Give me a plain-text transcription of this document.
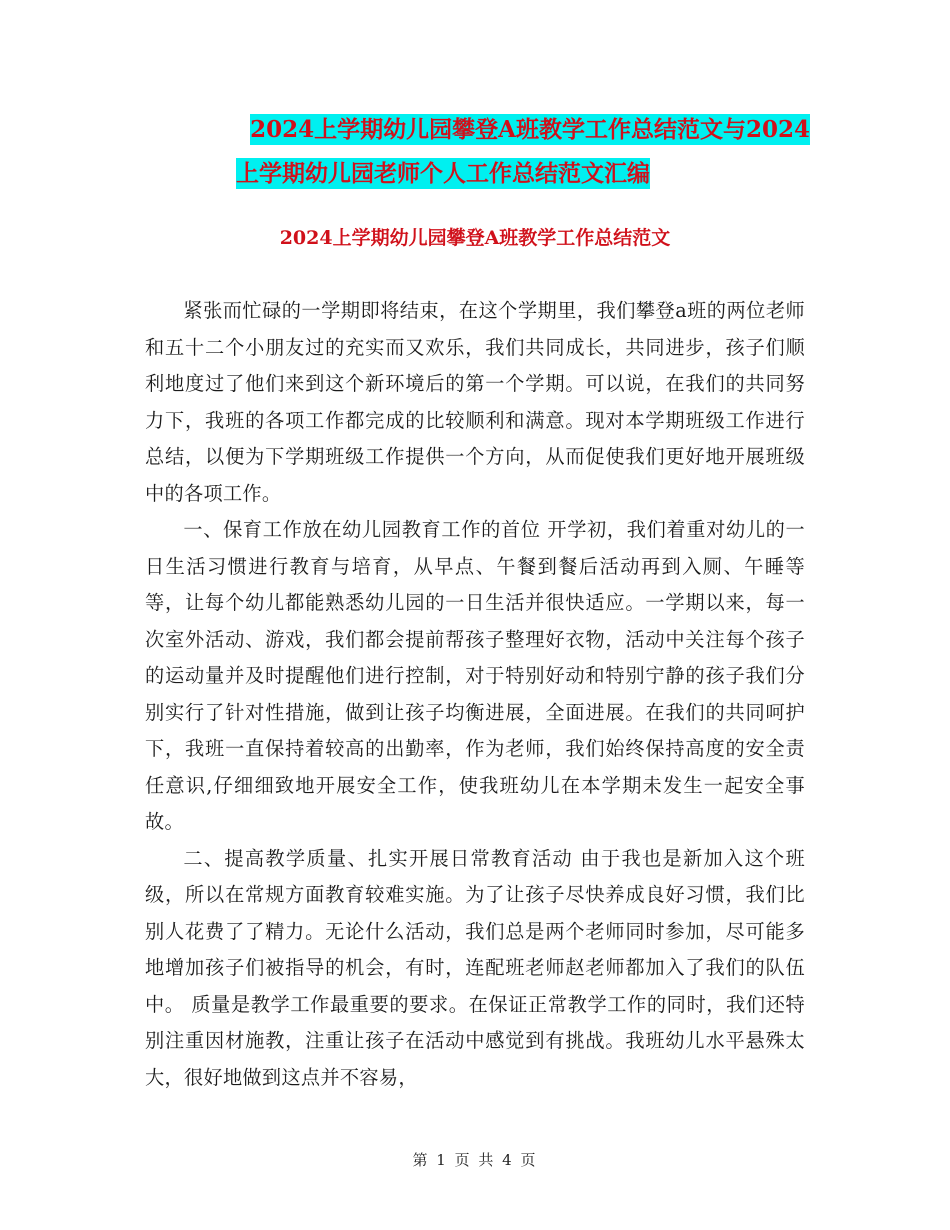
2024上学期幼儿园攀登A班教学工作总结范文与2024
上学期幼儿园老师个人工作总结范文汇编
2024上学期幼儿园攀登A班教学工作总结范文

紧张而忙碌的一学期即将结束，在这个学期里，我们攀登a班的两位老师和五十二个小朋友过的充实而又欢乐，我们共同成长，共同进步，孩子们顺利地度过了他们来到这个新环境后的第一个学期。可以说，在我们的共同努力下，我班的各项工作都完成的比较顺利和满意。现对本学期班级工作进行总结，以便为下学期班级工作提供一个方向，从而促使我们更好地开展班级中的各项工作。

一、保育工作放在幼儿园教育工作的首位 开学初，我们着重对幼儿的一日生活习惯进行教育与培育，从早点、午餐到餐后活动再到入厕、午睡等等，让每个幼儿都能熟悉幼儿园的一日生活并很快适应。一学期以来，每一次室外活动、游戏，我们都会提前帮孩子整理好衣物，活动中关注每个孩子的运动量并及时提醒他们进行控制，对于特别好动和特别宁静的孩子我们分别实行了针对性措施，做到让孩子均衡进展，全面进展。在我们的共同呵护下，我班一直保持着较高的出勤率，作为老师，我们始终保持高度的安全责任意识,仔细细致地开展安全工作，使我班幼儿在本学期未发生一起安全事故。

二、提高教学质量、扎实开展日常教育活动 由于我也是新加入这个班级，所以在常规方面教育较难实施。为了让孩子尽快养成良好习惯，我们比别人花费了了精力。无论什么活动，我们总是两个老师同时参加，尽可能多地增加孩子们被指导的机会，有时，连配班老师赵老师都加入了我们的队伍中。 质量是教学工作最重要的要求。在保证正常教学工作的同时，我们还特别注重因材施教，注重让孩子在活动中感觉到有挑战。我班幼儿水平悬殊太大，很好地做到这点并不容易，

第 1 页 共 4 页
